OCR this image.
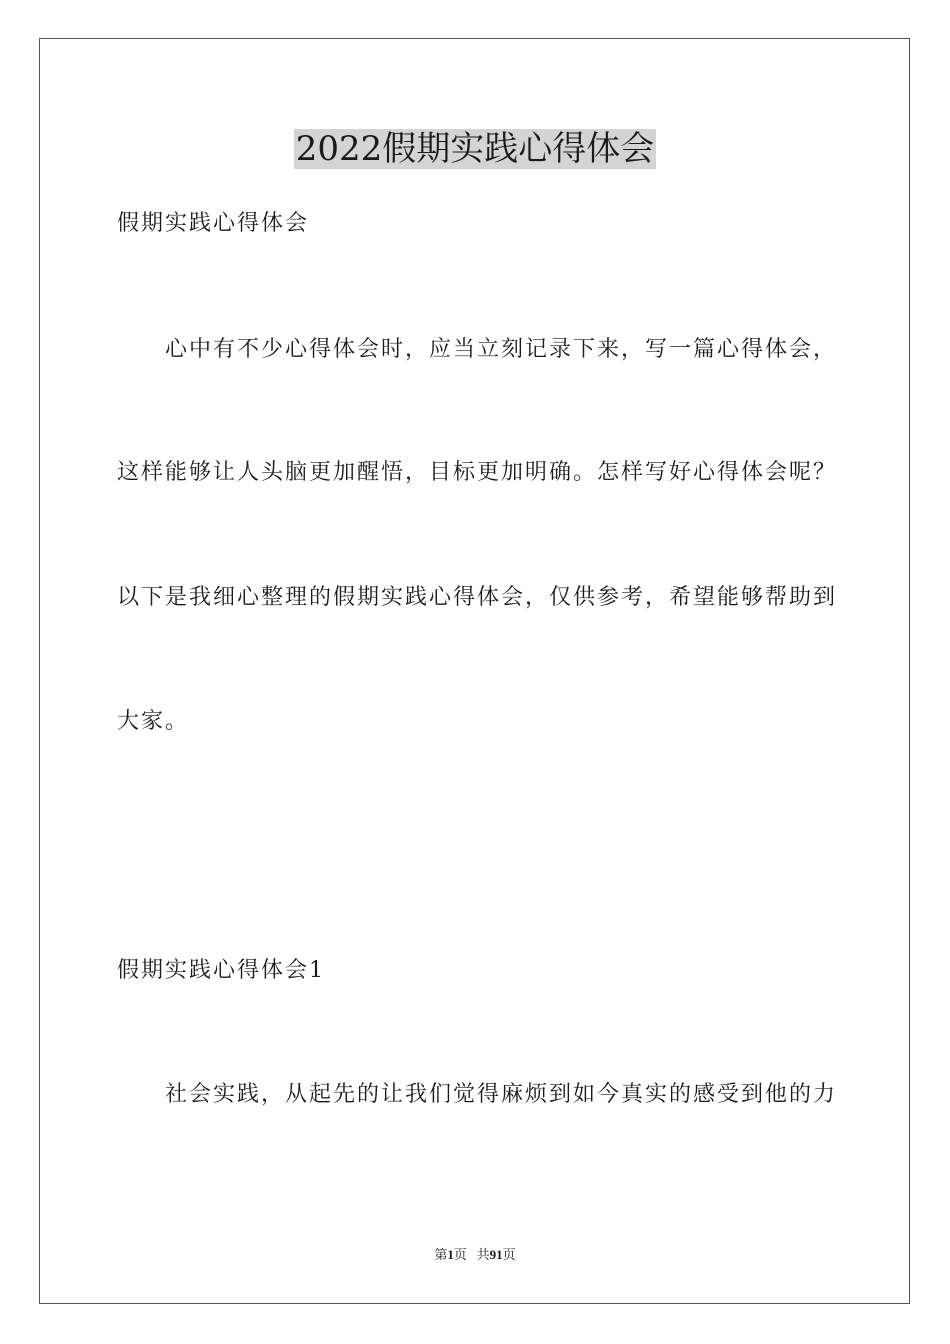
2022假期实践心得体会
假期实践心得体会
心中有不少心得体会时，应当立刻记录下来，写一篇心得体会，
这样能够让人头脑更加醒悟，目标更加明确。怎样写好心得体会呢？
以下是我细心整理的假期实践心得体会，仅供参考，希望能够帮助到
大家。
假期实践心得体会1
社会实践，从起先的让我们觉得麻烦到如今真实的感受到他的力
第1页 共91页
